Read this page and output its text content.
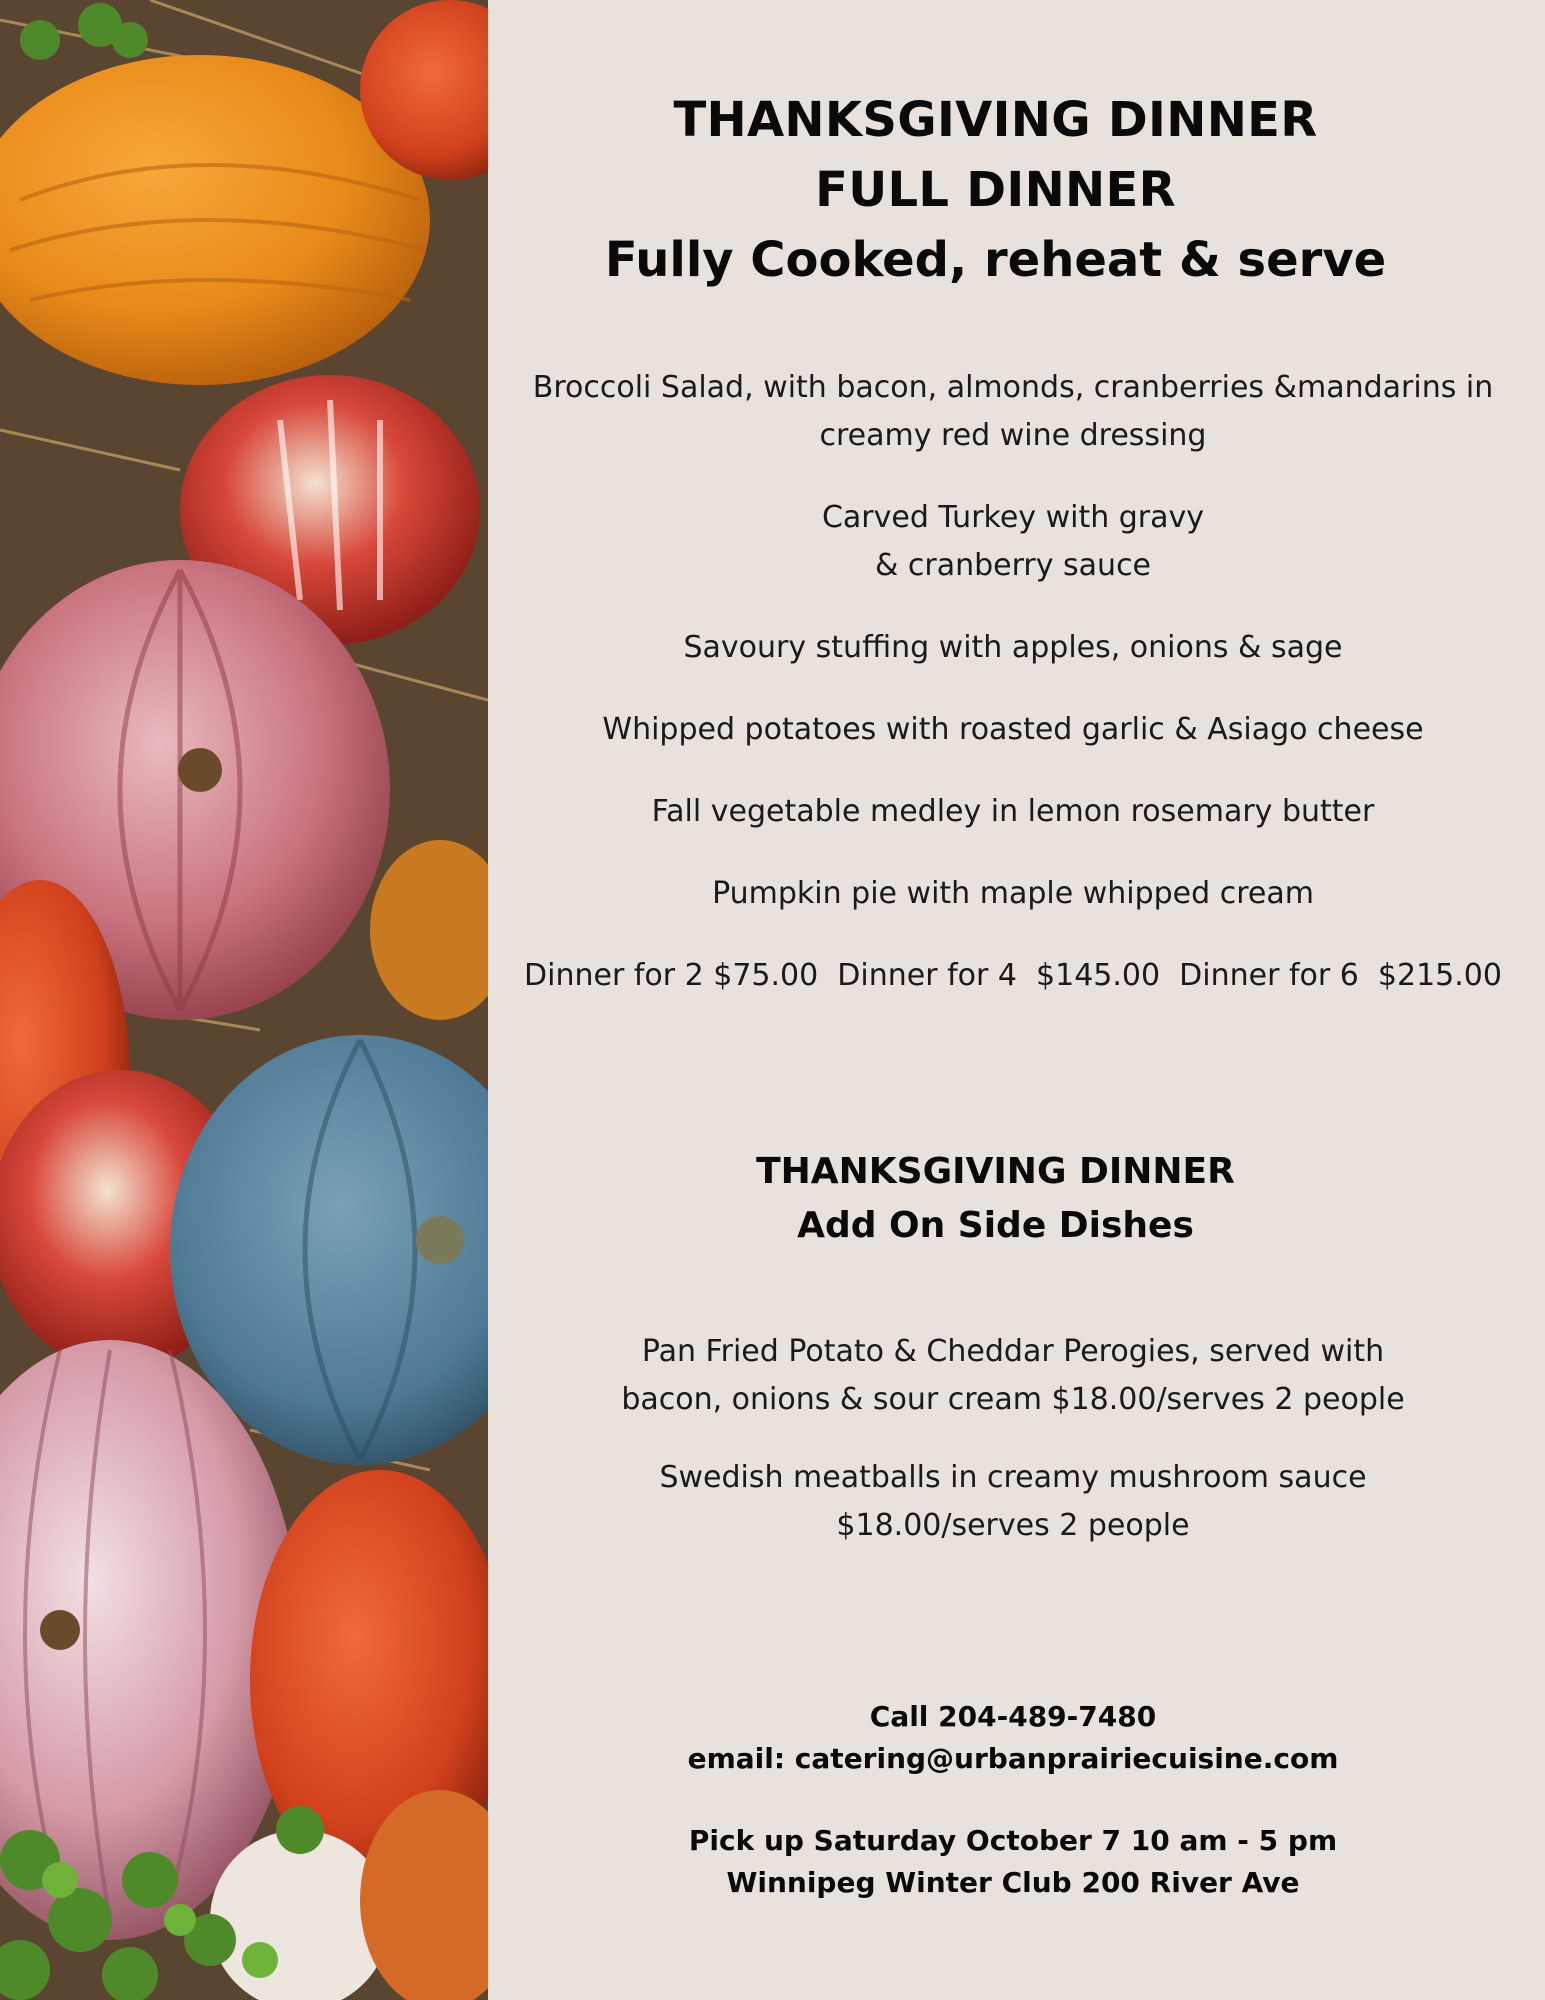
THANKSGIVING DINNER
FULL DINNER
Fully Cooked, reheat & serve
Broccoli Salad, with bacon, almonds, cranberries &mandarins in
creamy red wine dressing
Carved Turkey with gravy
& cranberry sauce
Savoury stuffing with apples, onions & sage
Whipped potatoes with roasted garlic & Asiago cheese
Fall vegetable medley in lemon rosemary butter
Pumpkin pie with maple whipped cream
Dinner for 2 $75.00  Dinner for 4  $145.00  Dinner for 6  $215.00
THANKSGIVING DINNER
Add On Side Dishes
Pan Fried Potato & Cheddar Perogies, served with
bacon, onions & sour cream $18.00/serves 2 people
Swedish meatballs in creamy mushroom sauce
$18.00/serves 2 people
Call 204-489-7480
email: catering@urbanprairiecuisine.com
Pick up Saturday October 7 10 am - 5 pm
Winnipeg Winter Club 200 River Ave
